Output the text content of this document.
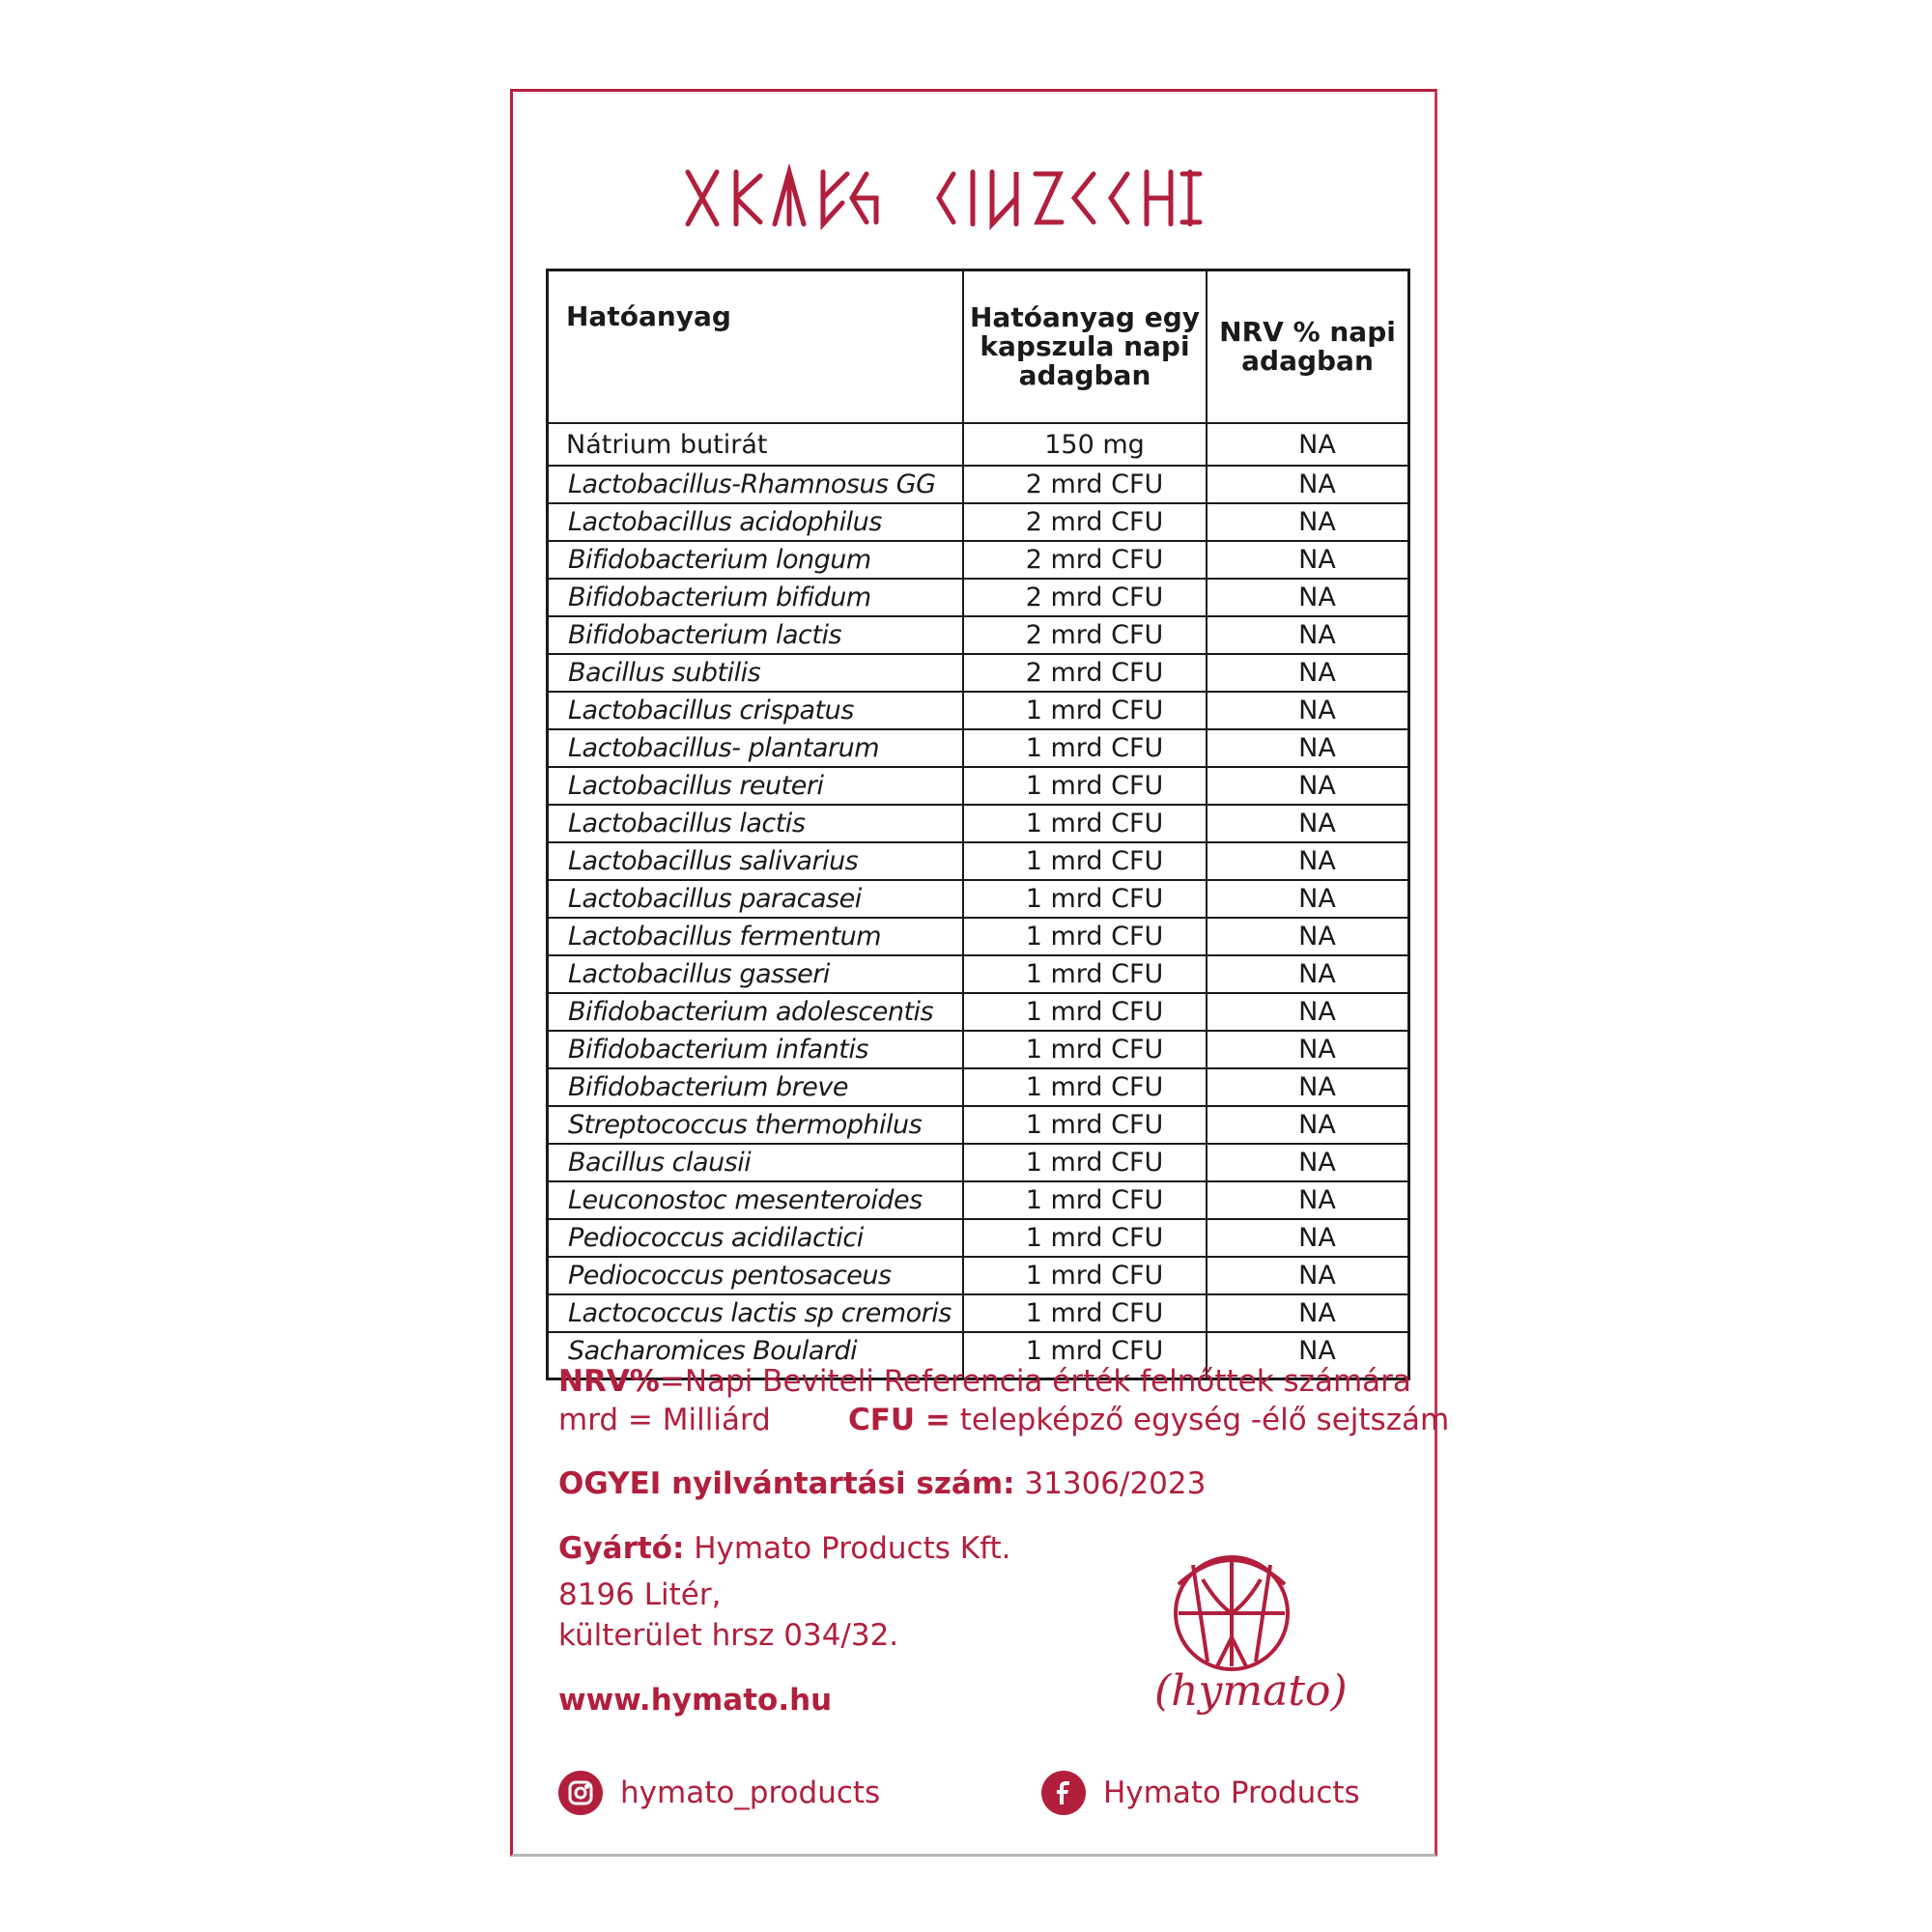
Hatóanyag	Hatóanyag egy kapszula napi adagban	NRV % napi adagban
Nátrium butirát	150 mg	NA
Lactobacillus-Rhamnosus GG	2 mrd CFU	NA
Lactobacillus acidophilus	2 mrd CFU	NA
Bifidobacterium longum	2 mrd CFU	NA
Bifidobacterium bifidum	2 mrd CFU	NA
Bifidobacterium lactis	2 mrd CFU	NA
Bacillus subtilis	2 mrd CFU	NA
Lactobacillus crispatus	1 mrd CFU	NA
Lactobacillus- plantarum	1 mrd CFU	NA
Lactobacillus reuteri	1 mrd CFU	NA
Lactobacillus lactis	1 mrd CFU	NA
Lactobacillus salivarius	1 mrd CFU	NA
Lactobacillus paracasei	1 mrd CFU	NA
Lactobacillus fermentum	1 mrd CFU	NA
Lactobacillus gasseri	1 mrd CFU	NA
Bifidobacterium adolescentis	1 mrd CFU	NA
Bifidobacterium infantis	1 mrd CFU	NA
Bifidobacterium breve	1 mrd CFU	NA
Streptococcus thermophilus	1 mrd CFU	NA
Bacillus clausii	1 mrd CFU	NA
Leuconostoc mesenteroides	1 mrd CFU	NA
Pediococcus acidilactici	1 mrd CFU	NA
Pediococcus pentosaceus	1 mrd CFU	NA
Lactococcus lactis sp cremoris	1 mrd CFU	NA
Sacharomices Boulardi	1 mrd CFU	NA
NRV%=Napi Beviteli Referencia érték felnőttek számára
mrd = Milliárd	CFU = telepképző egység -élő sejtszám
OGYEI nyilvántartási szám: 31306/2023
Gyártó: Hymato Products Kft.
8196 Litér,
külterület hrsz 034/32.
www.hymato.hu	(hymato)
hymato_products	Hymato Products
